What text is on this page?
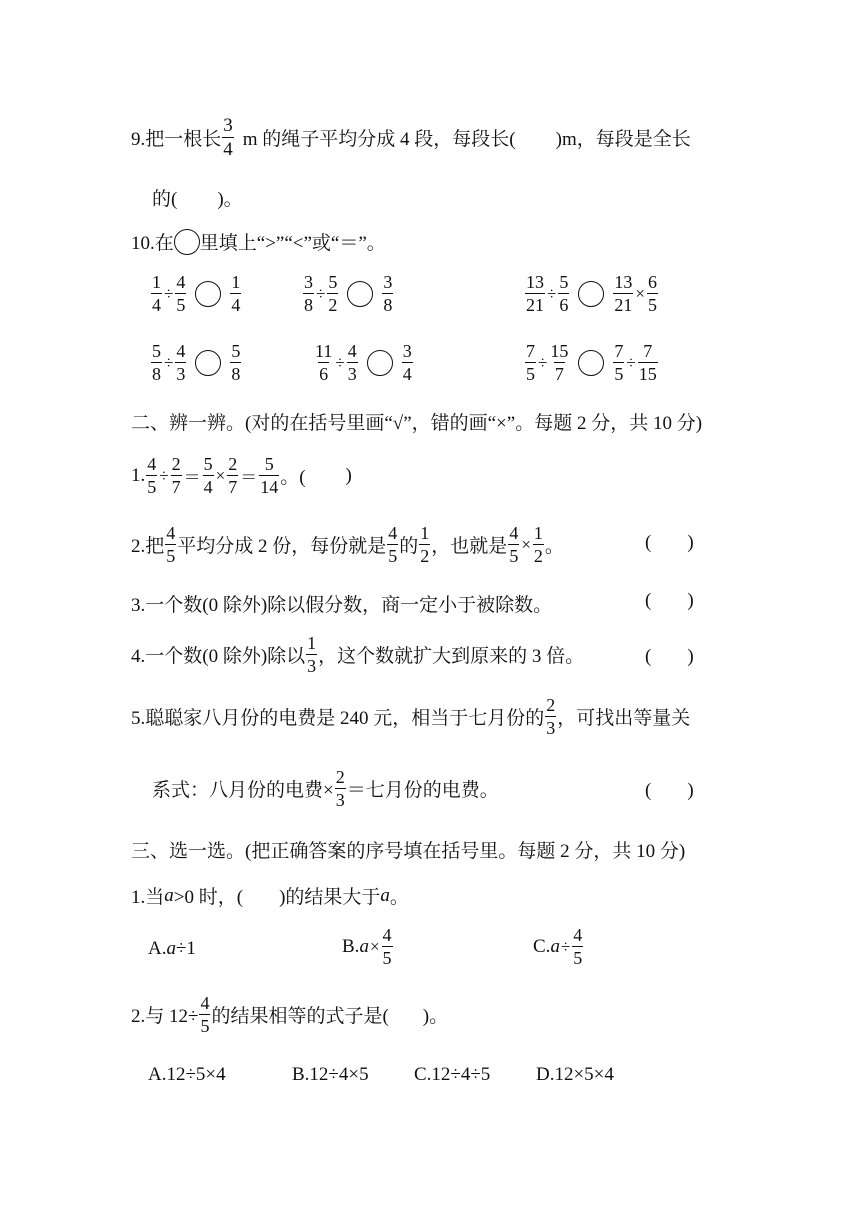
9.把一根长 $\frac{3}{4}$ m 的绳子平均分成 4 段，每段长( )m，每段是全长
的( )。
10.在 里填上“>”“<”或“＝”。
$\frac{1}{4} \div \frac{4}{5} \frac{1}{4}$	$\frac{3}{8} \div \frac{5}{2} \frac{3}{8}$	$\frac{13}{21} \div \frac{5}{6} \frac{13}{21} \times \frac{6}{5}$
$\frac{5}{8} \div \frac{4}{3} \frac{5}{8}$	$\frac{11}{6} \div \frac{4}{3} \frac{3}{4}$	$\frac{7}{5} \div \frac{15}{7} \frac{7}{5} \div \frac{7}{15}$
二、辨一辨。(对的在括号里画“√”，错的画“×”。每题 2 分，共 10 分)
1. $\frac{4}{5} \div \frac{2}{7} = \frac{5}{4} \times \frac{2}{7} = \frac{5}{14}$ 。( )
2.把 $\frac{4}{5}$ 平均分成 2 份，每份就是 $\frac{4}{5}$ 的 $\frac{1}{2}$ ，也就是 $\frac{4}{5} \times \frac{1}{2}$ 。	( )
3.一个数(0 除外)除以假分数，商一定小于被除数。	( )
4.一个数(0 除外)除以 $\frac{1}{3}$ ，这个数就扩大到原来的 3 倍。	( )
5.聪聪家八月份的电费是 240 元，相当于七月份的 $\frac{2}{3}$ ，可找出等量关
系式：八月份的电费× $\frac{2}{3}$ ＝七月份的电费。	( )
三、选一选。(把正确答案的序号填在括号里。每题 2 分，共 10 分)
1.当 a >0 时，( )的结果大于 a 。
A. a ÷1	B. $a \times \frac{4}{5}$	C. $a \div \frac{4}{5}$
2.与 $12\div \frac{4}{5}$ 的结果相等的式子是( )。
A.12÷5×4	B.12÷4×5 C.12÷4÷5 D.12×5×4
